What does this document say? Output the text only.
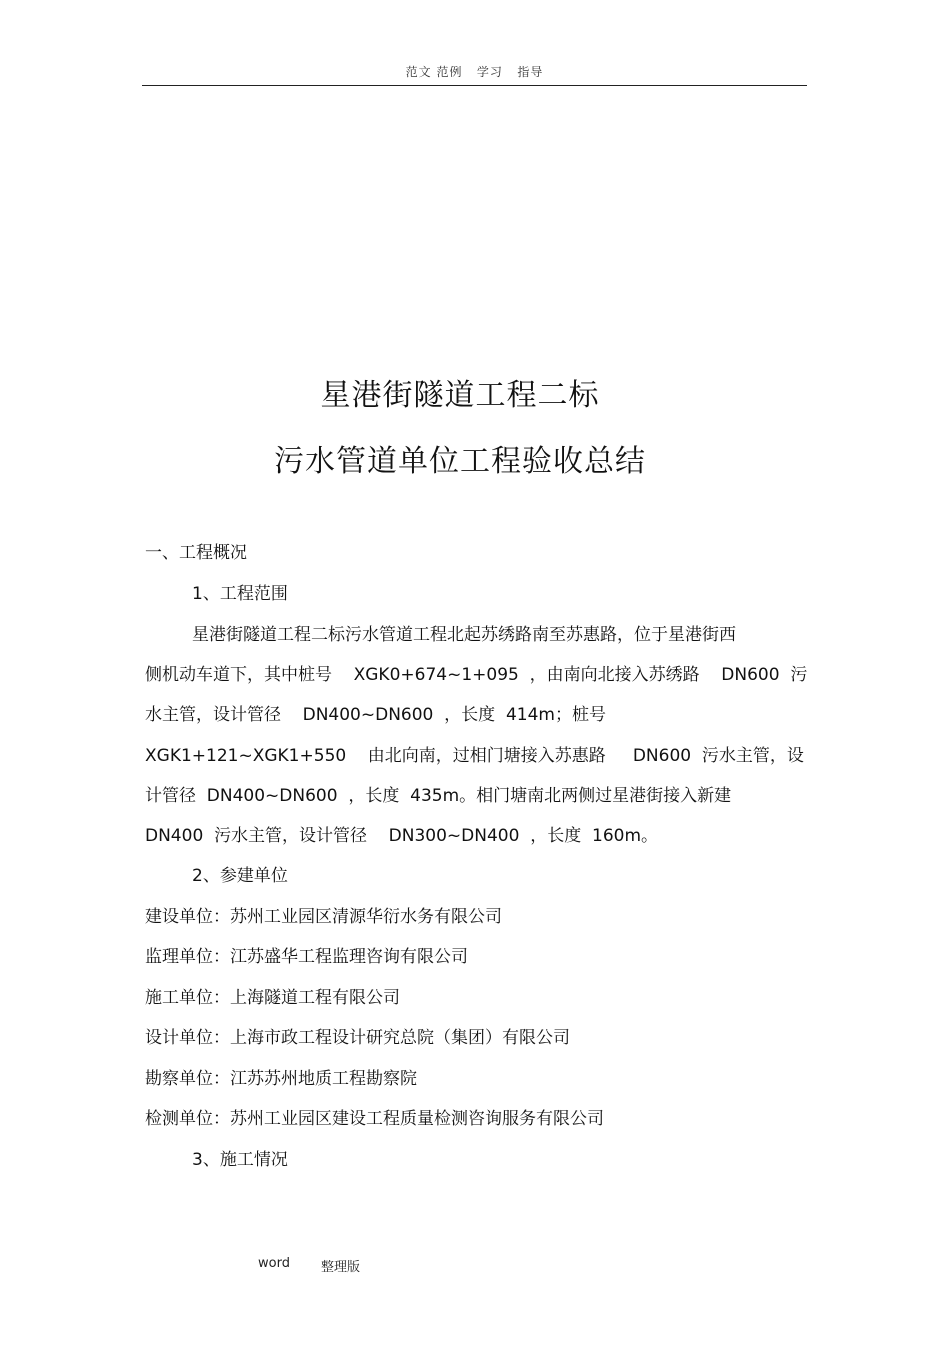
范文 范例   学习   指导
星港街隧道工程二标
污水管道单位工程验收总结
一、工程概况
1、工程范围
星港街隧道工程二标污水管道工程北起苏绣路南至苏惠路，位于星港街西
侧机动车道下，其中桩号    XGK0+674~1+095  ，由南向北接入苏绣路    DN600  污
水主管，设计管径    DN400~DN600  ，长度  414m；桩号
XGK1+121~XGK1+550    由北向南，过相门塘接入苏惠路     DN600  污水主管，设
计管径  DN400~DN600  ，长度  435m。相门塘南北两侧过星港街接入新建
DN400  污水主管，设计管径    DN300~DN400  ，长度  160m。
2、参建单位
建设单位：苏州工业园区清源华衍水务有限公司
监理单位：江苏盛华工程监理咨询有限公司
施工单位：上海隧道工程有限公司
设计单位：上海市政工程设计研究总院（集团）有限公司
勘察单位：江苏苏州地质工程勘察院
检测单位：苏州工业园区建设工程质量检测咨询服务有限公司
3、施工情况
word 整理版
